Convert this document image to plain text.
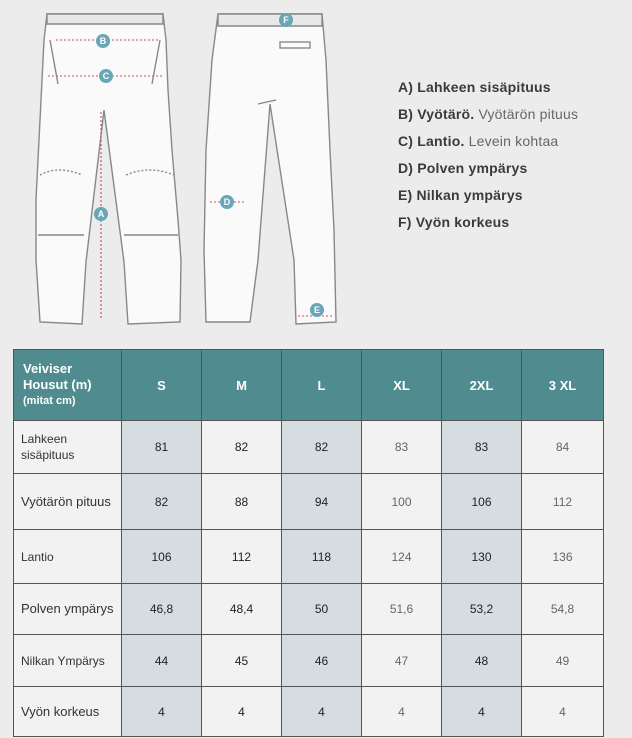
A
B
C
D
E
F
A) Lahkeen sisäpituus
B) Vyötärö. Vyötärön pituus
C) Lantio. Levein kohtaa
D) Polven ympärys
E) Nilkan ympärys
F) Vyön korkeus
Veiviser
Housut (m)
(mitat cm)	S	M	L	XL	2XL	3 XL
Lahkeen sisäpituus	81	82	82	83	83	84
Vyötärön pituus	82	88	94	100	106	112
Lantio	106	112	118	124	130	136
Polven ympärys	46,8	48,4	50	51,6	53,2	54,8
Nilkan Ympärys	44	45	46	47	48	49
Vyön korkeus	4	4	4	4	4	4
